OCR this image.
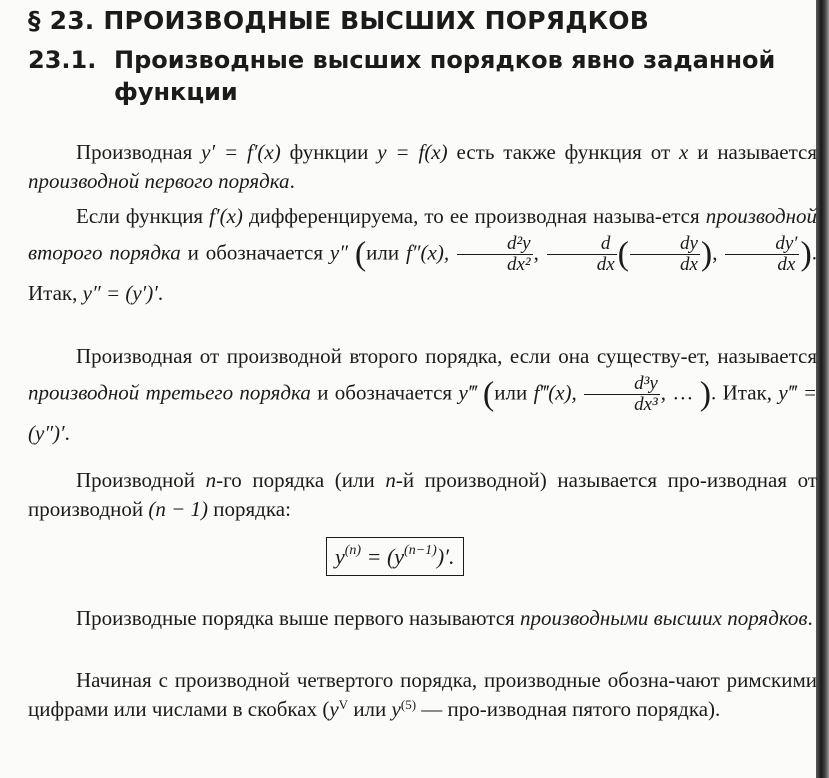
§ 23. ПРОИЗВОДНЫЕ ВЫСШИХ ПОРЯДКОВ
23.1. Производные высших порядков явно заданной
функции

Производная y′ = f′(x) функции y = f(x) есть также функция от x и называется производной первого порядка.

Если функция f′(x) дифференцируема, то ее производная называ-ется производной второго порядка и обозначается y″ (или f″(x), $\frac{\text{d²y}}{\text{dx²}}$ , $\frac{d}{dx}$ ( $\frac{dy}{dx}$ ), $\frac{dy'}{dx}$ ). Итак, y″ = (y′)′.

Производная от производной второго порядка, если она существу-ет, называется производной третьего порядка и обозначается y‴ (или f‴(x), $\frac{\text{d³y}}{\text{dx³}}$ , … ). Итак, y‴ = (y″)′.

Производной n-го порядка (или n-й производной) называется про-изводная от производной (n − 1) порядка:

$y^{(n)} = (y^{(n-1)})'$.

Производные порядка выше первого называются производными высших порядков.

Начиная с производной четвертого порядка, производные обозна-чают римскими цифрами или числами в скобках ($y^V$ или $y^{(5)}$ — про-изводная пятого порядка).
